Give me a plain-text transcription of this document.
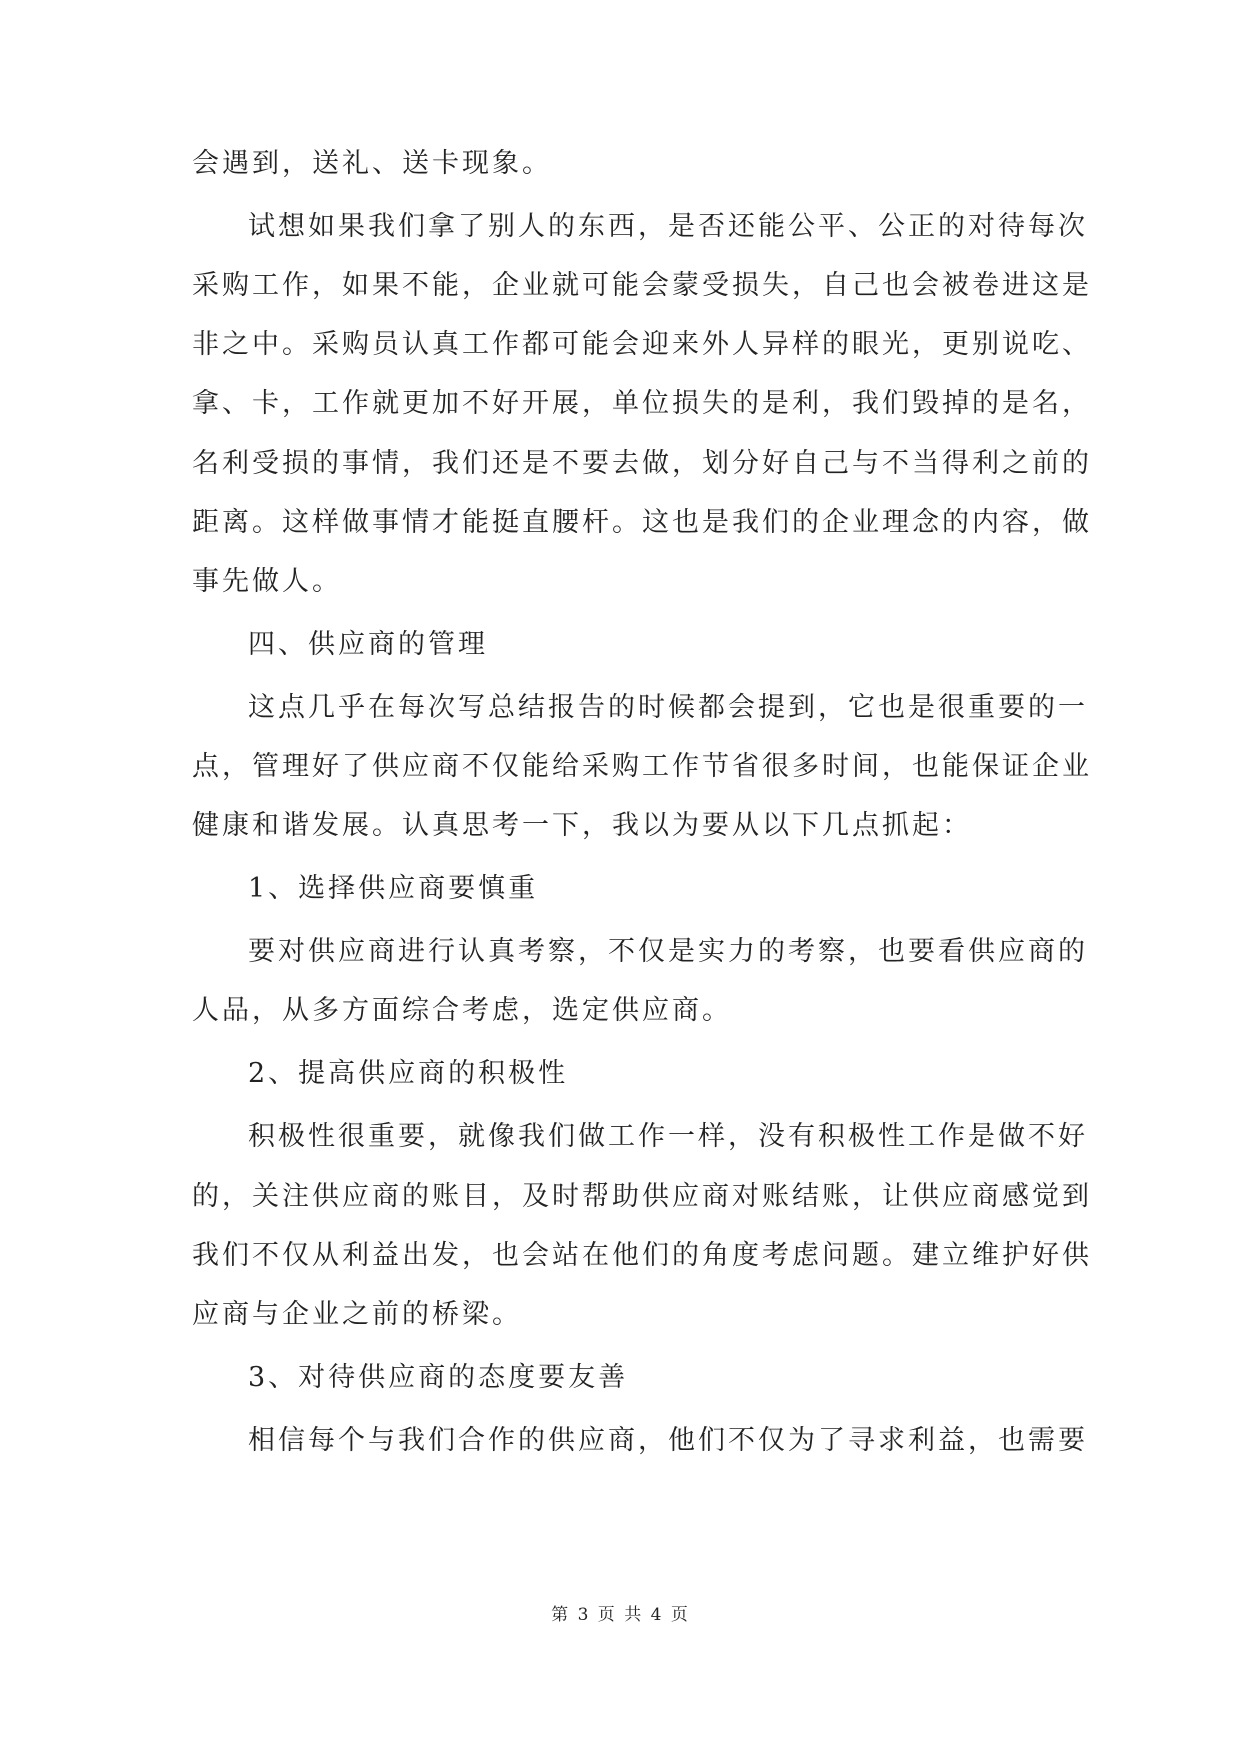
会遇到，送礼、送卡现象。
试想如果我们拿了别人的东西，是否还能公平、公正的对待每次
采购工作，如果不能，企业就可能会蒙受损失，自己也会被卷进这是
非之中。采购员认真工作都可能会迎来外人异样的眼光，更别说吃、
拿、卡，工作就更加不好开展，单位损失的是利，我们毁掉的是名，
名利受损的事情，我们还是不要去做，划分好自己与不当得利之前的
距离。这样做事情才能挺直腰杆。这也是我们的企业理念的内容，做
事先做人。
四、供应商的管理
这点几乎在每次写总结报告的时候都会提到，它也是很重要的一
点，管理好了供应商不仅能给采购工作节省很多时间，也能保证企业
健康和谐发展。认真思考一下，我以为要从以下几点抓起：
1、选择供应商要慎重
要对供应商进行认真考察，不仅是实力的考察，也要看供应商的
人品，从多方面综合考虑，选定供应商。
2、提高供应商的积极性
积极性很重要，就像我们做工作一样，没有积极性工作是做不好
的，关注供应商的账目，及时帮助供应商对账结账，让供应商感觉到
我们不仅从利益出发，也会站在他们的角度考虑问题。建立维护好供
应商与企业之前的桥梁。
3、对待供应商的态度要友善
相信每个与我们合作的供应商，他们不仅为了寻求利益，也需要
第 3 页 共 4 页
